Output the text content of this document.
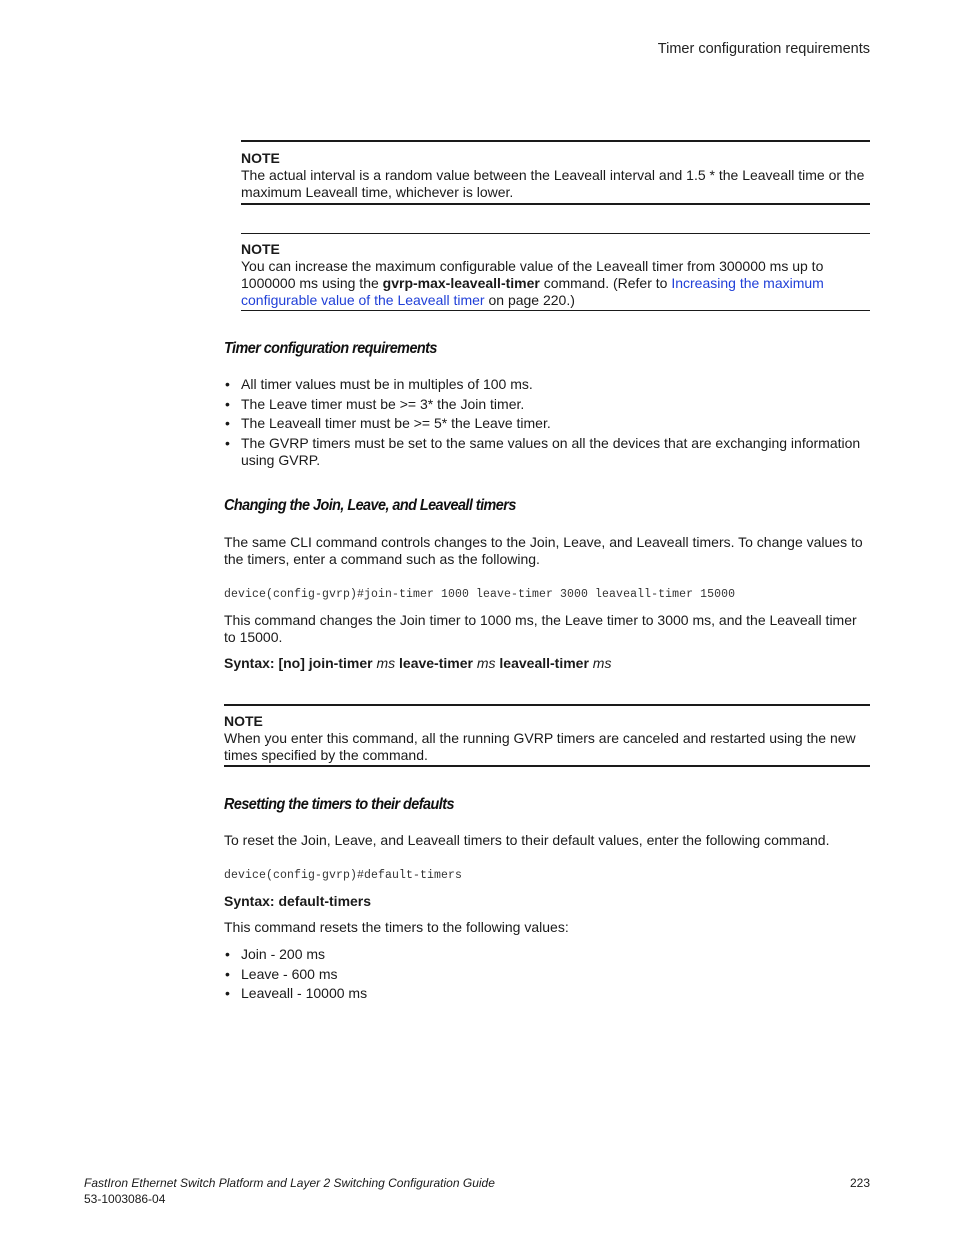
Timer configuration requirements
NOTE
The actual interval is a random value between the Leaveall interval and 1.5 * the Leaveall time or the maximum Leaveall time, whichever is lower.
NOTE
You can increase the maximum configurable value of the Leaveall timer from 300000 ms up to 1000000 ms using the gvrp-max-leaveall-timer command. (Refer to Increasing the maximum configurable value of the Leaveall timer on page 220.)
Timer configuration requirements
• All timer values must be in multiples of 100 ms.
• The Leave timer must be >= 3* the Join timer.
• The Leaveall timer must be >= 5* the Leave timer.
• The GVRP timers must be set to the same values on all the devices that are exchanging information using GVRP.
Changing the Join, Leave, and Leaveall timers
The same CLI command controls changes to the Join, Leave, and Leaveall timers. To change values to the timers, enter a command such as the following.
device(config-gvrp)#join-timer 1000 leave-timer 3000 leaveall-timer 15000
This command changes the Join timer to 1000 ms, the Leave timer to 3000 ms, and the Leaveall timer to 15000.
Syntax: [no] join-timer ms leave-timer ms leaveall-timer ms
NOTE
When you enter this command, all the running GVRP timers are canceled and restarted using the new times specified by the command.
Resetting the timers to their defaults
To reset the Join, Leave, and Leaveall timers to their default values, enter the following command.
device(config-gvrp)#default-timers
Syntax: default-timers
This command resets the timers to the following values:
• Join - 200 ms
• Leave - 600 ms
• Leaveall - 10000 ms
FastIron Ethernet Switch Platform and Layer 2 Switching Configuration Guide
53-1003086-04
223
